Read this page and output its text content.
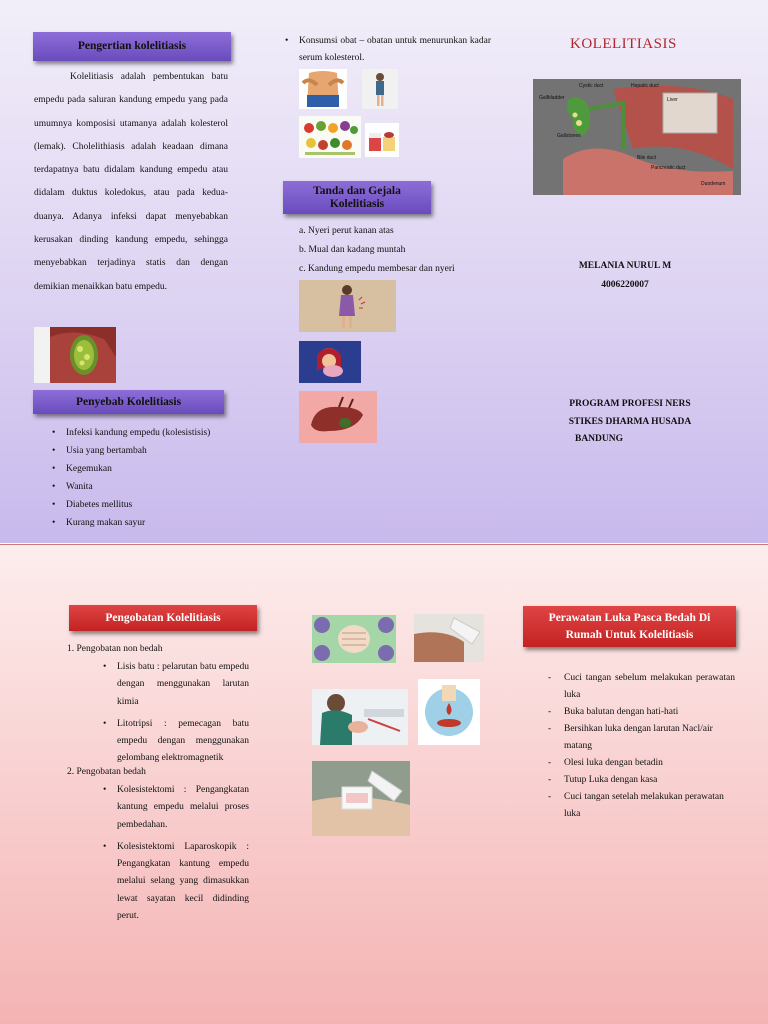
Pengertian kolelitiasis
Kolelitiasis adalah pembentukan batu empedu pada saluran kandung empedu yang pada umumnya komposisi utamanya adalah kolesterol (lemak). Cholelithiasis adalah keadaan dimana terdapatnya batu didalam kandung empedu atau didalam duktus koledokus, atau pada kedua-duanya. Adanya infeksi dapat menyebabkan kerusakan dinding kandung empedu, sehingga menyebabkan terjadinya statis dan dengan demikian menaikkan batu empedu.
Penyebab Kolelitiasis
• Infeksi kandung empedu (kolesistisis)
• Usia yang bertambah
• Kegemukan
• Wanita
• Diabetes mellitus
• Kurang makan sayur
• Konsumsi obat – obatan untuk menurunkan kadar serum kolesterol.
Tanda dan Gejala Kolelitiasis
a. Nyeri perut kanan atas
b. Mual dan kadang muntah
c. Kandung empedu membesar dan nyeri
KOLELITIASIS
Cystic duct	Hepatic duct
Gallbladder	Liver
Gallstones
Bile duct
Pancreatic duct
Duodenum
MELANIA NURUL M
4006220007
PROGRAM PROFESI NERS
STIKES DHARMA HUSADA
BANDUNG
Pengobatan Kolelitiasis
1. Pengobatan non bedah
• Lisis batu : pelarutan batu empedu dengan menggunakan larutan kimia
• Litotripsi : pemecagan batu empedu dengan menggunakan gelombang elektromagnetik
2. Pengobatan bedah
• Kolesistektomi : Pengangkatan kantung empedu melalui proses pembedahan.
• Kolesistektomi Laparoskopik : Pengangkatan kantung empedu melalui selang yang dimasukkan lewat sayatan kecil didinding perut.
Perawatan Luka Pasca Bedah Di Rumah Untuk Kolelitiasis
- Cuci tangan sebelum melakukan perawatan luka
- Buka balutan dengan hati-hati
- Bersihkan luka dengan larutan Nacl/air matang
- Olesi luka dengan betadin
- Tutup Luka dengan kasa
- Cuci tangan setelah melakukan perawatan luka
